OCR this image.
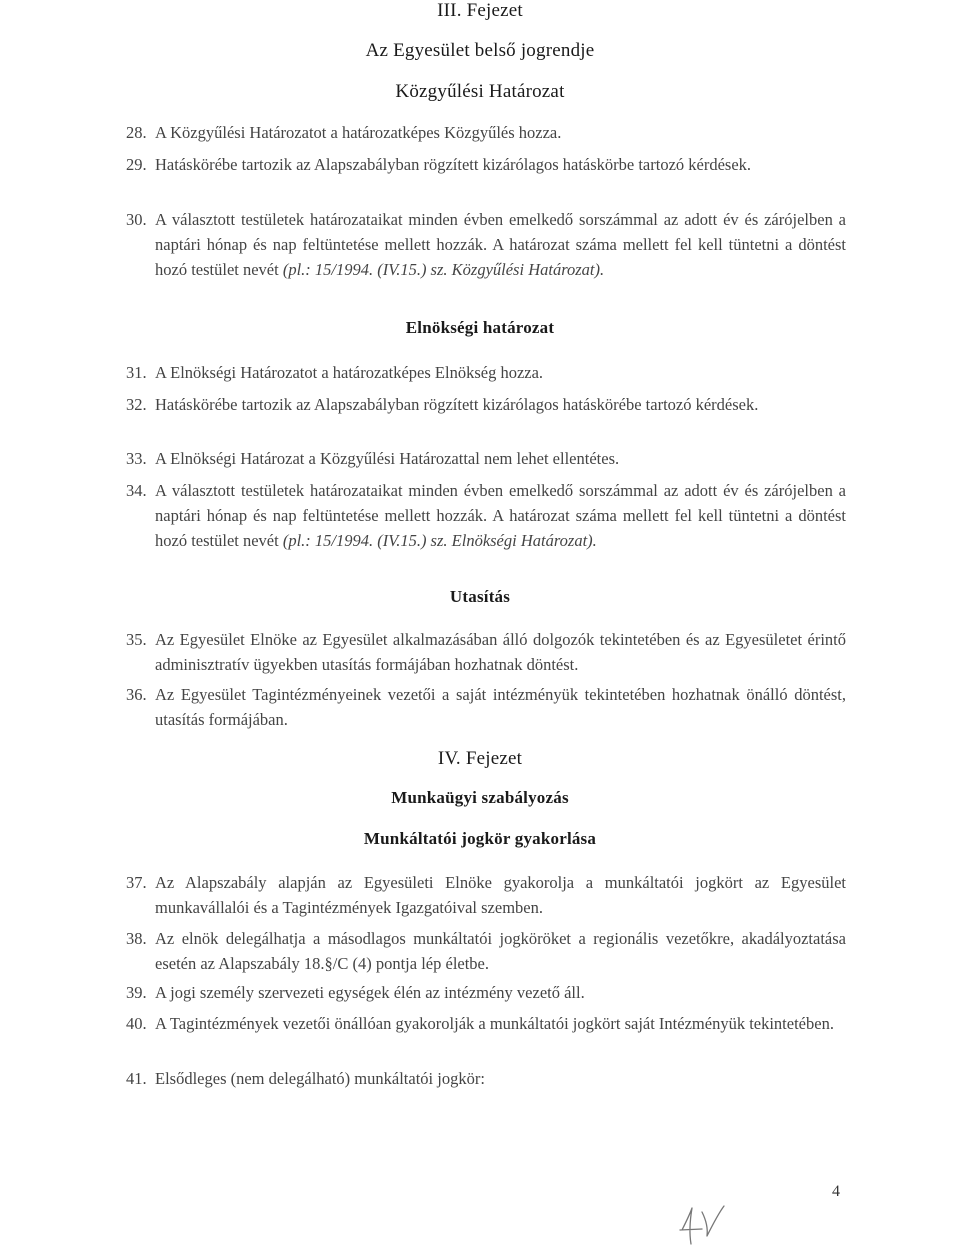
III. Fejezet
Az Egyesület belső jogrendje
Közgyűlési Határozat
28. A Közgyűlési Határozatot a határozatképes Közgyűlés hozza.

29. Hatáskörébe tartozik az Alapszabályban rögzített kizárólagos hatáskörbe tartozó kérdések.

30. A választott testületek határozataikat minden évben emelkedő sorszámmal az adott év és zárójelben a naptári hónap és nap feltüntetése mellett hozzák. A határozat száma mellett fel kell tüntetni a döntést hozó testület nevét (pl.: 15/1994. (IV.15.) sz. Közgyűlési Határozat).

Elnökségi határozat
31. A Elnökségi Határozatot a határozatképes Elnökség hozza.

32. Hatáskörébe tartozik az Alapszabályban rögzített kizárólagos hatáskörébe tartozó kérdések.

33. A Elnökségi Határozat a Közgyűlési Határozattal nem lehet ellentétes.

34. A választott testületek határozataikat minden évben emelkedő sorszámmal az adott év és zárójelben a naptári hónap és nap feltüntetése mellett hozzák. A határozat száma mellett fel kell tüntetni a döntést hozó testület nevét (pl.: 15/1994. (IV.15.) sz. Elnökségi Határozat).

Utasítás
35. Az Egyesület Elnöke az Egyesület alkalmazásában álló dolgozók tekintetében és az Egyesületet érintő adminisztratív ügyekben utasítás formájában hozhatnak döntést.

36. Az Egyesület Tagintézményeinek vezetői a saját intézményük tekintetében hozhatnak önálló döntést, utasítás formájában.

IV. Fejezet
Munkaügyi szabályozás
Munkáltatói jogkör gyakorlása
37. Az Alapszabály alapján az Egyesületi Elnöke gyakorolja a munkáltatói jogkört az Egyesület munkavállalói és a Tagintézmények Igazgatóival szemben.

38. Az elnök delegálhatja a másodlagos munkáltatói jogköröket a regionális vezetőkre, akadályoztatása esetén az Alapszabály 18.§/C (4) pontja lép életbe.

39. A jogi személy szervezeti egységek élén az intézmény vezető áll.

40. A Tagintézmények vezetői önállóan gyakorolják a munkáltatói jogkört saját Intézményük tekintetében.

41. Elsődleges (nem delegálható) munkáltatói jogkör:

4
